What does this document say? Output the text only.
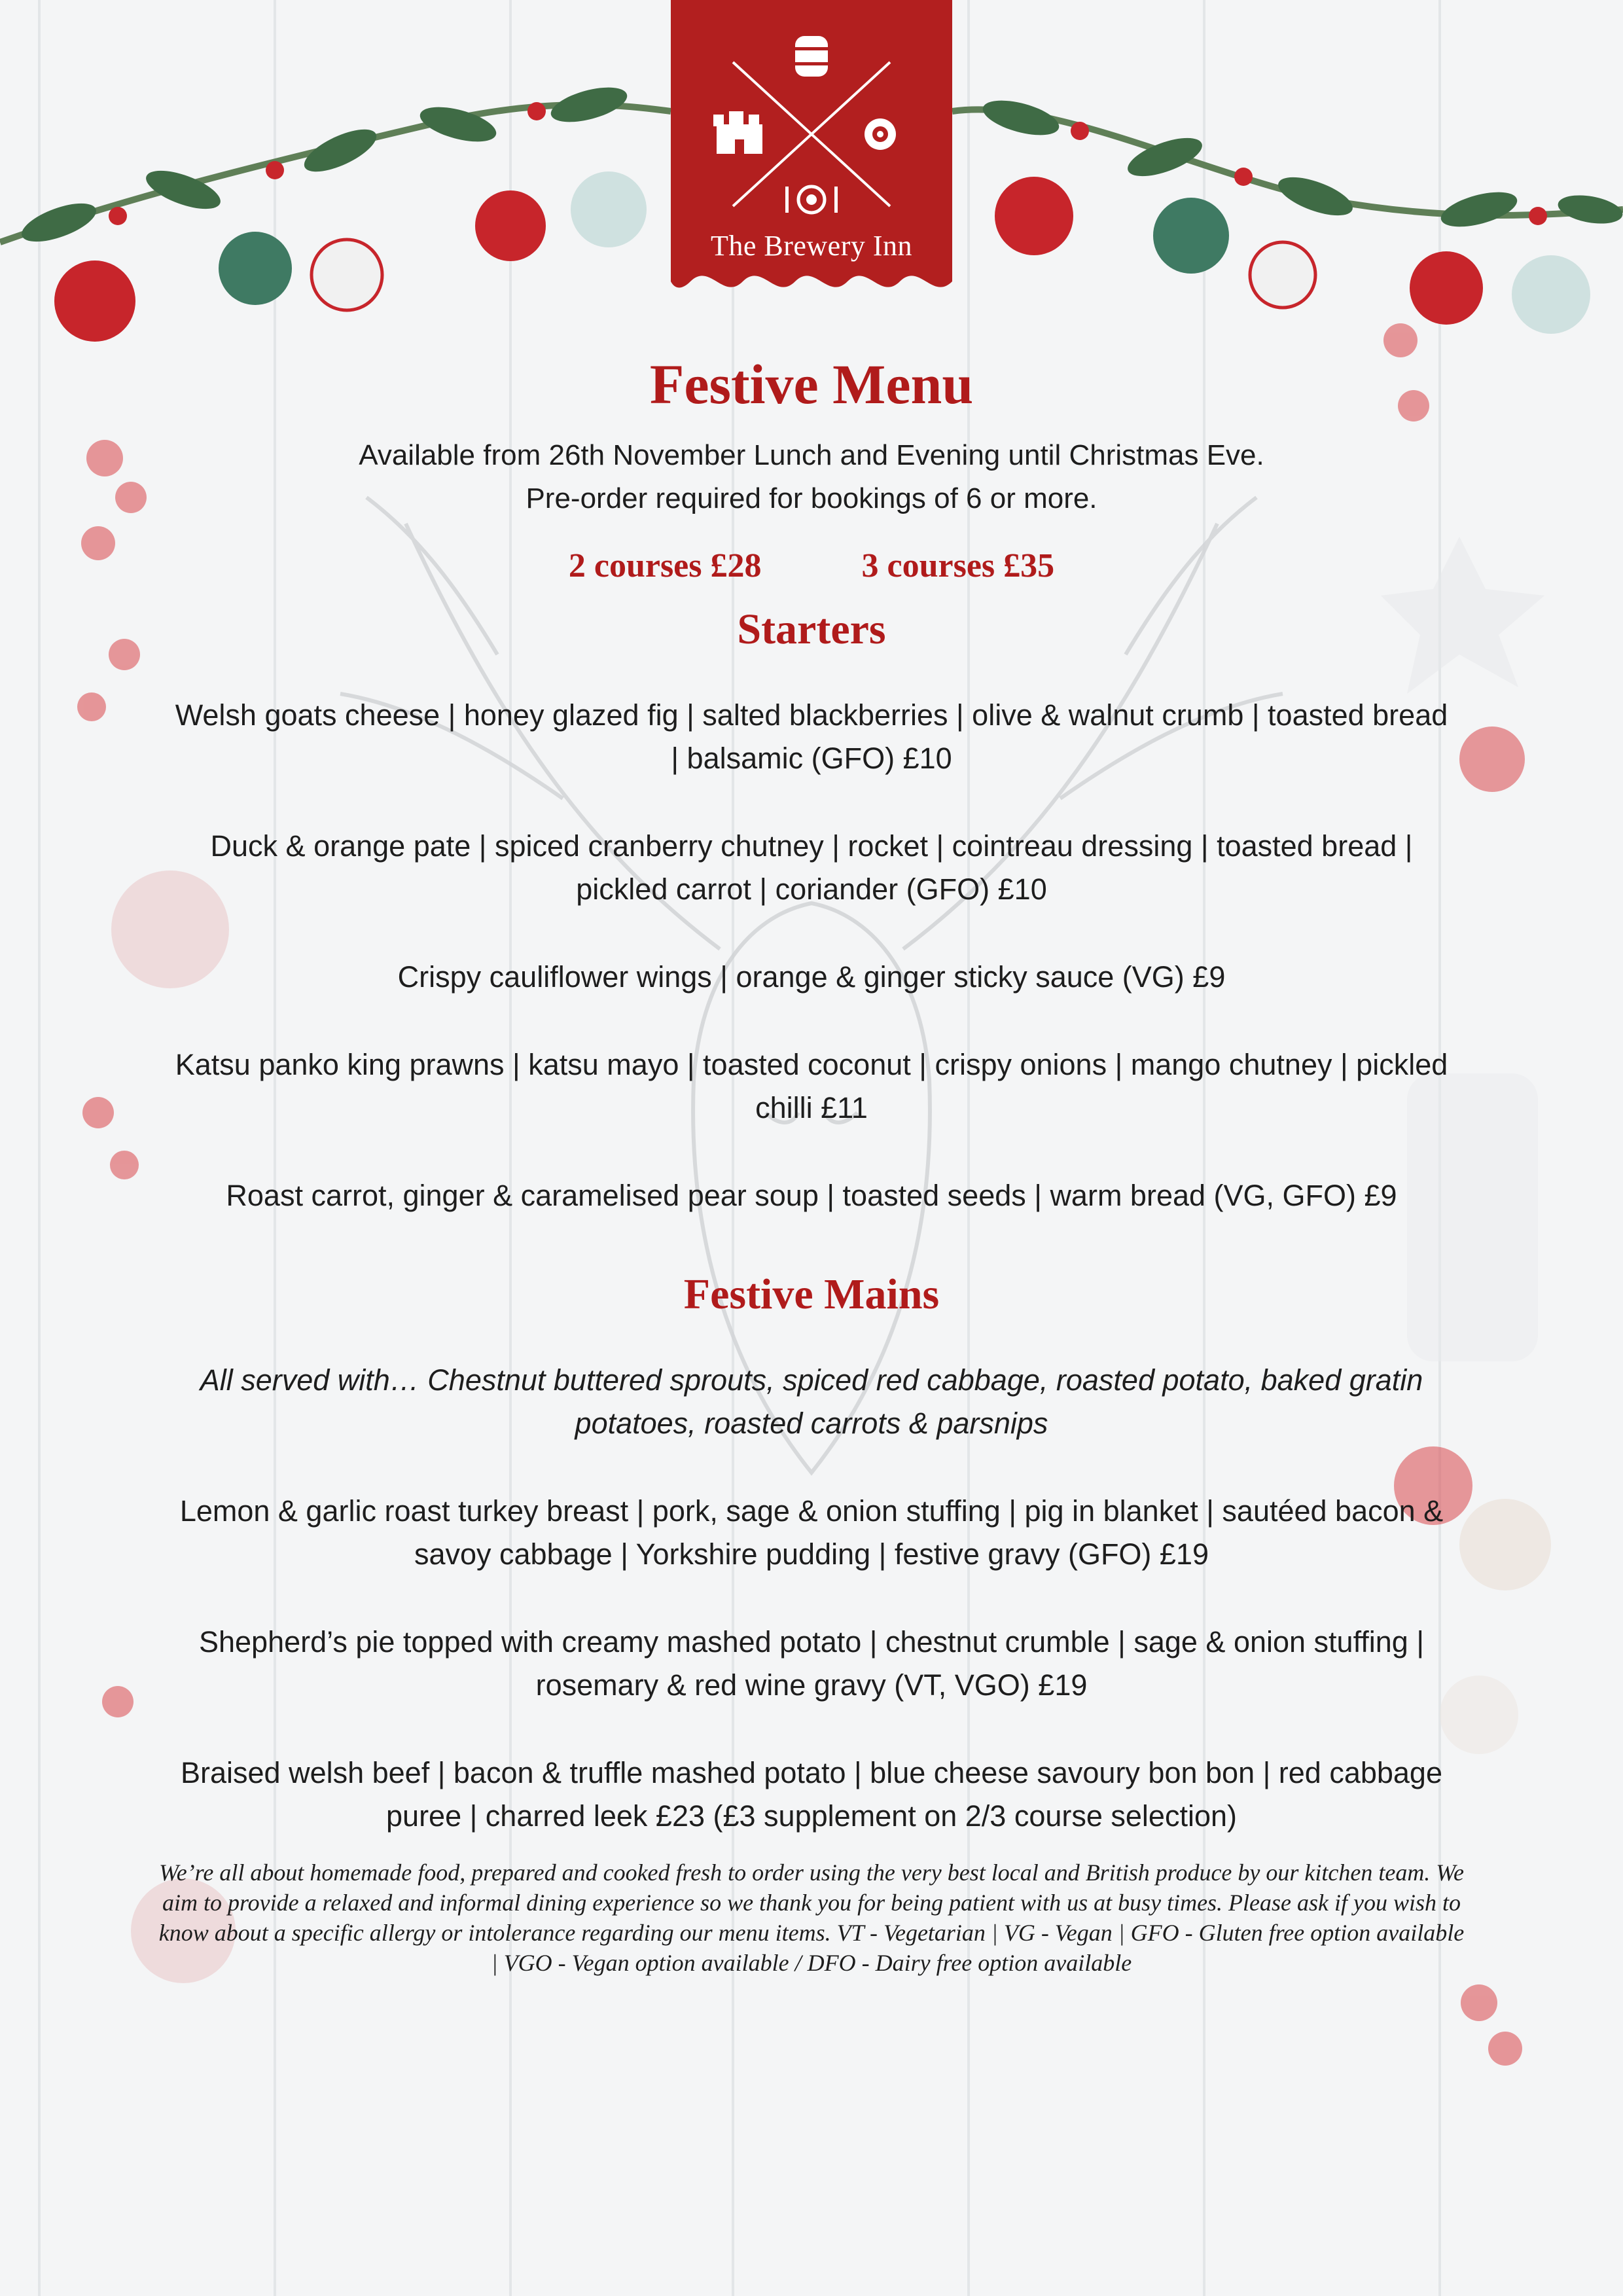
The Brewery Inn
Festive Menu
Available from 26th November Lunch and Evening until Christmas Eve.
Pre-order required for bookings of 6 or more.
2 courses £28	3 courses £35
Starters
Welsh goats cheese | honey glazed fig | salted blackberries | olive & walnut crumb | toasted bread | balsamic (GFO) £10
Duck & orange pate | spiced cranberry chutney | rocket | cointreau dressing | toasted bread | pickled carrot | coriander (GFO) £10
Crispy cauliflower wings | orange & ginger sticky sauce (VG) £9
Katsu panko king prawns | katsu mayo | toasted coconut | crispy onions | mango chutney | pickled chilli £11
Roast carrot, ginger & caramelised pear soup | toasted seeds | warm bread (VG, GFO) £9
Festive Mains
All served with… Chestnut buttered sprouts, spiced red cabbage, roasted potato, baked gratin potatoes, roasted carrots & parsnips
Lemon & garlic roast turkey breast | pork, sage & onion stuffing | pig in blanket | sautéed bacon & savoy cabbage | Yorkshire pudding | festive gravy (GFO) £19
Shepherd’s pie topped with creamy mashed potato | chestnut crumble | sage & onion stuffing | rosemary & red wine gravy (VT, VGO) £19
Braised welsh beef | bacon & truffle mashed potato | blue cheese savoury bon bon | red cabbage puree | charred leek £23 (£3 supplement on 2/3 course selection)
We’re all about homemade food, prepared and cooked fresh to order using the very best local and British produce by our kitchen team. We aim to provide a relaxed and informal dining experience so we thank you for being patient with us at busy times. Please ask if you wish to know about a specific allergy or intolerance regarding our menu items. VT - Vegetarian | VG - Vegan | GFO - Gluten free option available | VGO - Vegan option available / DFO - Dairy free option available
